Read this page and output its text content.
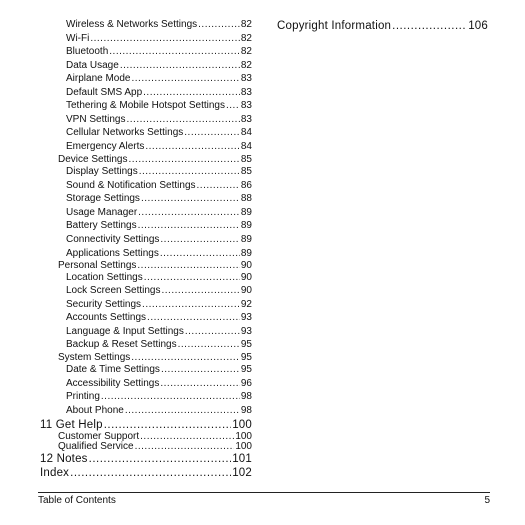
Wireless & Networks Settings .....	82
Wi-Fi .....	82
Bluetooth .....	82
Data Usage .....	82
Airplane Mode .....	83
Default SMS App .....	83
Tethering & Mobile Hotspot Settings ..... 83
VPN Settings .....	83
Cellular Networks Settings .....	84
Emergency Alerts .....	84
Device Settings .....	85
Display Settings .....	85
Sound & Notification Settings .....	86
Storage Settings .....	88
Usage Manager .....	89
Battery Settings .....	89
Connectivity Settings .....	89
Applications Settings .....	89
Personal Settings .....	90
Location Settings .....	90
Lock Screen Settings .....	90
Security Settings .....	92
Accounts Settings .....	93
Language & Input Settings .....	93
Backup & Reset Settings .....	95
System Settings .....	95
Date & Time Settings .....	95
Accessibility Settings .....	96
Printing .....	98
About Phone .....	98
11 Get Help .....	100
Customer Support .....	100
Qualified Service .....	100
12 Notes .....	101
Index .....	102
Copyright Information .....	106
Table of Contents	5
